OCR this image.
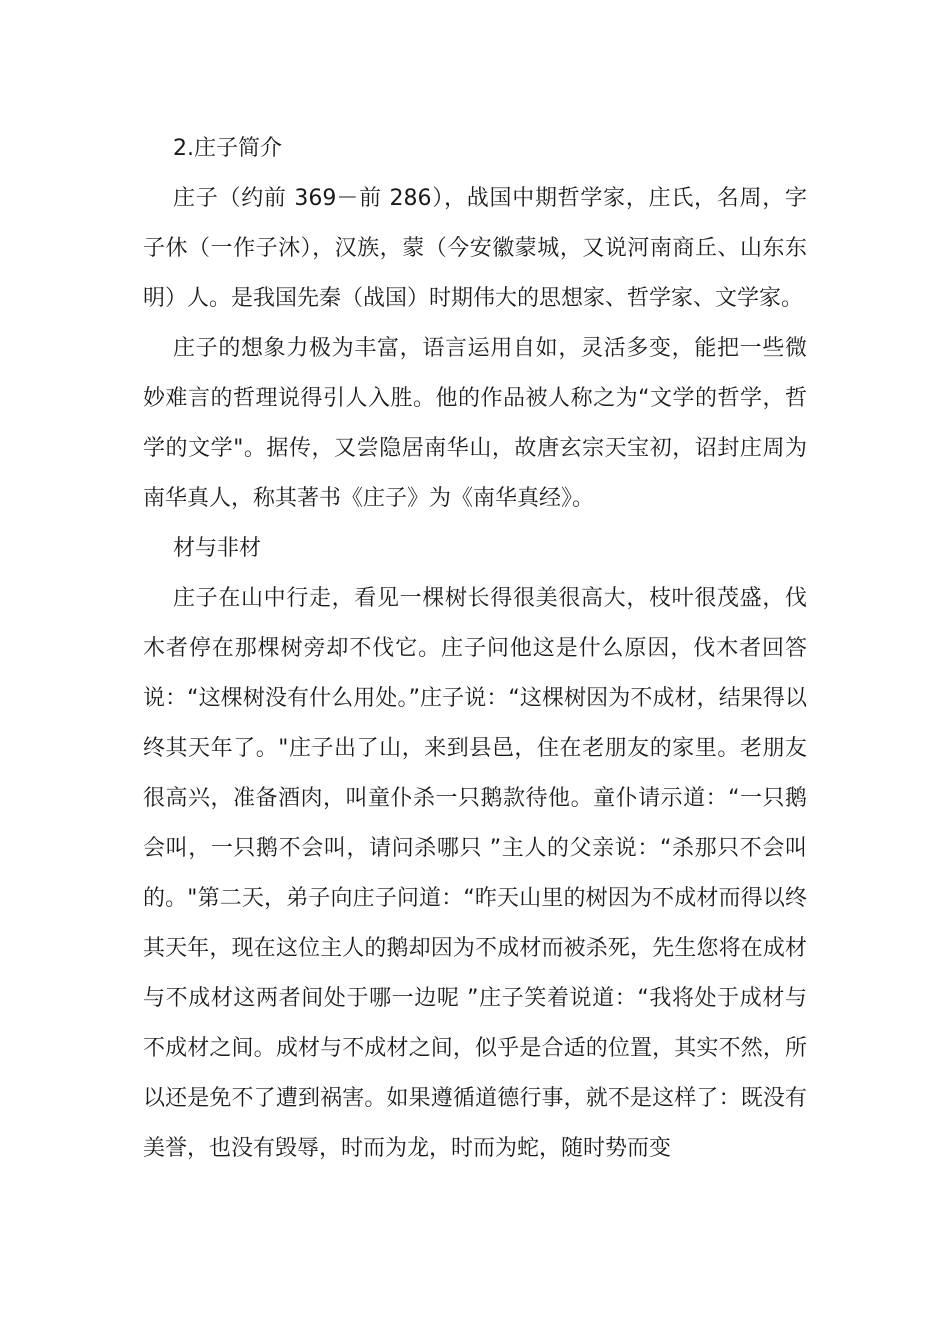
2.庄子简介

庄子（约前 369－前 286），战国中期哲学家，庄氏，名周，字子休（一作子沐），汉族，蒙（今安徽蒙城，又说河南商丘、山东东明）人。是我国先秦（战国）时期伟大的思想家、哲学家、文学家。

庄子的想象力极为丰富，语言运用自如，灵活多变，能把一些微妙难言的哲理说得引人入胜。他的作品被人称之为“文学的哲学，哲学的文学"。据传，又尝隐居南华山，故唐玄宗天宝初，诏封庄周为南华真人，称其著书《庄子》为《南华真经》。

材与非材

庄子在山中行走，看见一棵树长得很美很高大，枝叶很茂盛，伐木者停在那棵树旁却不伐它。庄子问他这是什么原因，伐木者回答说：“这棵树没有什么用处。”庄子说：“这棵树因为不成材，结果得以终其天年了。"庄子出了山，来到县邑，住在老朋友的家里。老朋友很高兴，准备酒肉，叫童仆杀一只鹅款待他。童仆请示道：“一只鹅会叫，一只鹅不会叫，请问杀哪只 ”主人的父亲说：“杀那只不会叫的。"第二天，弟子向庄子问道：“昨天山里的树因为不成材而得以终其天年，现在这位主人的鹅却因为不成材而被杀死，先生您将在成材与不成材这两者间处于哪一边呢 ”庄子笑着说道：“我将处于成材与不成材之间。成材与不成材之间，似乎是合适的位置，其实不然，所以还是免不了遭到祸害。如果遵循道德行事，就不是这样了：既没有美誉，也没有毁辱，时而为龙，时而为蛇，随时势而变
